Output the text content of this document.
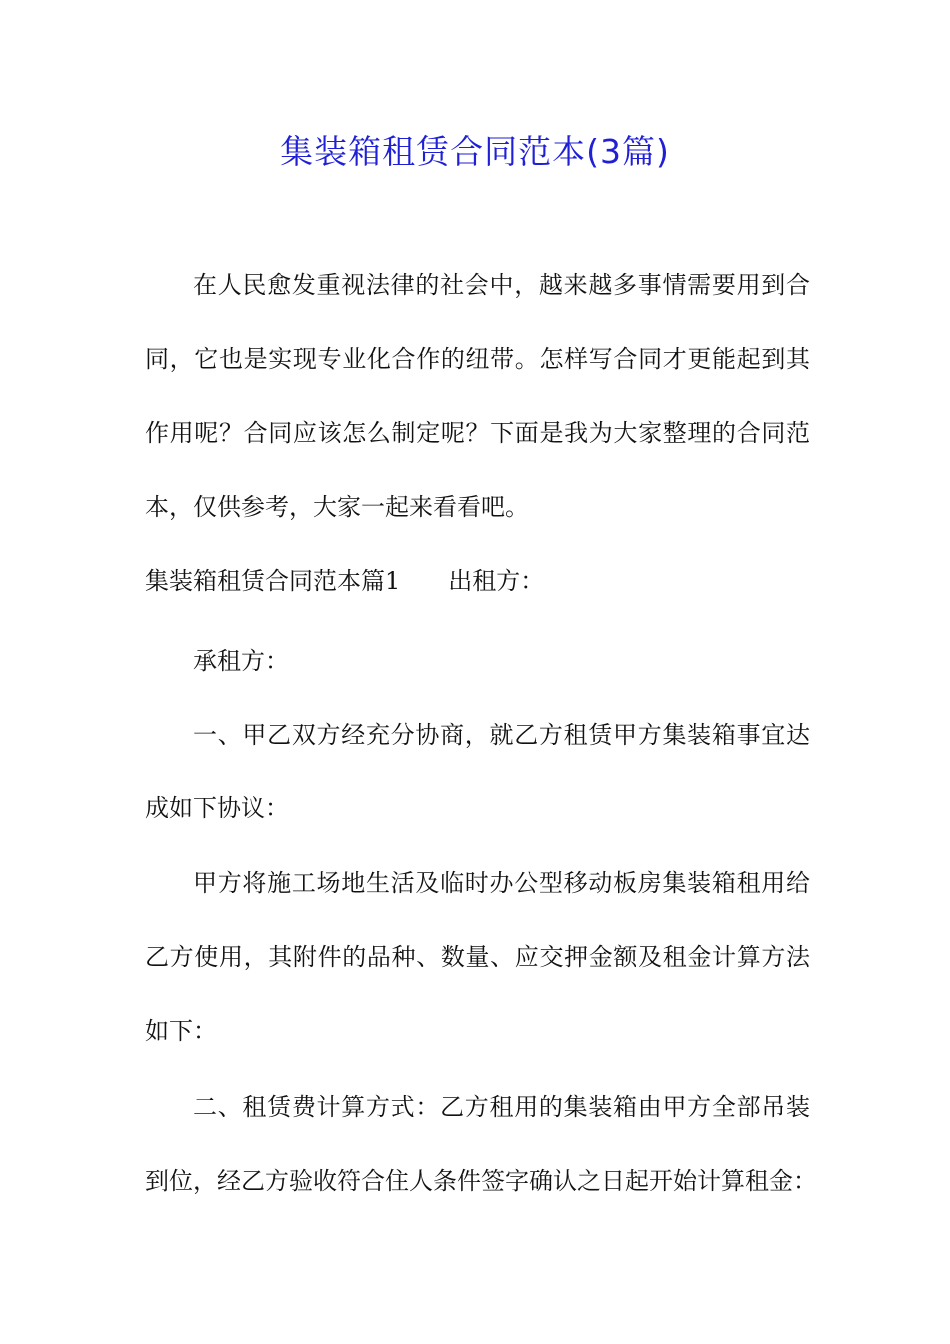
集装箱租赁合同范本(3篇)
在人民愈发重视法律的社会中，越来越多事情需要用到合
同，它也是实现专业化合作的纽带。怎样写合同才更能起到其
作用呢？合同应该怎么制定呢？下面是我为大家整理的合同范
本，仅供参考，大家一起来看看吧。
集装箱租赁合同范本篇1 出租方：
承租方：
一、甲乙双方经充分协商，就乙方租赁甲方集装箱事宜达
成如下协议：
甲方将施工场地生活及临时办公型移动板房集装箱租用给
乙方使用，其附件的品种、数量、应交押金额及租金计算方法
如下：
二、租赁费计算方式：乙方租用的集装箱由甲方全部吊装
到位，经乙方验收符合住人条件签字确认之日起开始计算租金：
